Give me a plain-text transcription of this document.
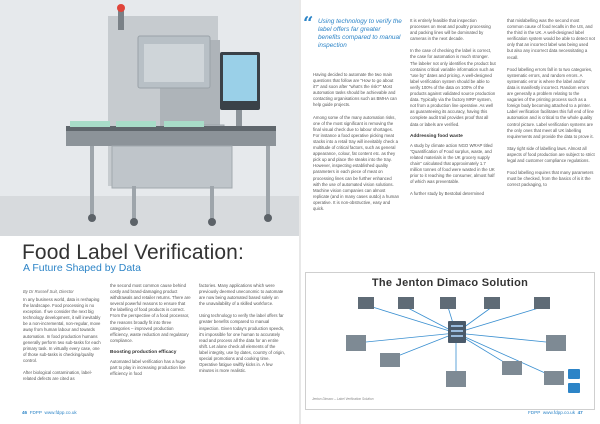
Food Label Verification:
A Future Shaped by Data
By Dr Russell Suit, Director

In any business world, data is reshaping the landscape. Food processing is no exception. If we consider the next big technology development, it will inevitably be a non-incremental, non-regular, move away from human labour and towards automation. In food production humans generally perform two sub-tasks for each primary task. In virtually every case, one of those sub-tasks is checking/quality control.

After biological contamination, label-related defects are cited as

the second most common cause behind costly and brand-damaging product withdrawals and retailer returns. There are several powerful reasons to ensure that the labelling of food products is correct. From the perspective of a food processor, the reasons broadly fit into three categories – improved production efficiency, waste reduction and regulatory compliance.

Boosting production efficacy

Automated label verification has a huge part to play in increasing production line efficiency in food

factories. Many applications which were previously deemed uneconomic to automate are now being automated based solely on the unavailability of a skilled workforce.

Using technology to verify the label offers far greater benefits compared to manual inspection. Given today's production speeds, it's impossible for one human to accurately read and process all the data for an entire shift. Let alone check all elements of the label integrity, use by dates, country of origin, special promotions and cooking time. Operative fatigue swiftly kicks in. A few minutes is more realistic.

“ Using technology to verify the label offers far greater benefits compared to manual inspection

Having decided to automate the two main questions that follow are "How to go about it?" and soon after "what's the risk?" Most automation tasks should be achievable and contacting organisations such as BMHA can help guide projects.

Among some of the many automation risks, one of the most significant is removing the final visual check due to labour shortages. For instance a food operative picking meat stacks into a retail tray will inevitably check a multitude of critical factors, such as general appearance, colour, fat content etc. as they pick up and place the steaks into the tray. However, inspecting established quality parameters in each piece of meat on processing lines can be further enhanced with the use of automated vision solutions. Machine vision companies can almost replicate (and in many cases outdo) a human operative. It is non-obstructive, easy and quick.

It is entirely feasible that inspection processes on meat and poultry processing and packing lines will be dominated by cameras in the next decade.

In the case of checking the label is correct, the case for automation is much stronger. The labeler not only identifies the product but contains critical variable information such as "use by" dates and pricing. A well-designed label verification system should be able to verify 100% of the data on 100% of the products against validated source production data. Typically via the factory MRP system, not from a production line operative. As well as guaranteeing its accuracy, having this complete audit trail provides proof that all data or labels are verified.

Addressing food waste

A study by climate action NGO WRAP titled "Quantification of Food surplus, waste, and related materials in the UK grocery supply chain" calculated that approximately 1.7 million tonnes of food were wasted in the UK prior to it reaching the consumer, almost half of which was preventable.

A further study by Bestobal determined

that mislabelling was the second most common cause of food recalls in the US, and the third in the UK. A well-designed label verification system would be able to detect not only that an incorrect label was being used but also any incorrect data necessitating a recall.

Food labelling errors fall in to two categories, systematic errors, and random errors. A systematic error is where the label and/or data is manifestly incorrect. Random errors are generally a problem relating to the vagaries of the printing process such as a foreign body becoming attached to a printer. Label verification facilitates this full end of line automation and is critical to the whole quality control picture. Label verification systems are the only ones that meet all UK labelling requirements and provide the data to prove it.

Stay right side of labelling laws. Almost all aspects of food production are subject to strict legal and customer compliance regulations.

Food labelling requires that many parameters must be checked, from the basics of is it the correct packaging, to

The Jenton Dimaco Solution
Jenton Dimaco – Label Verification Solution
46 FDPP www.fdpp.co.uk	FDPP www.fdpp.co.uk 47
